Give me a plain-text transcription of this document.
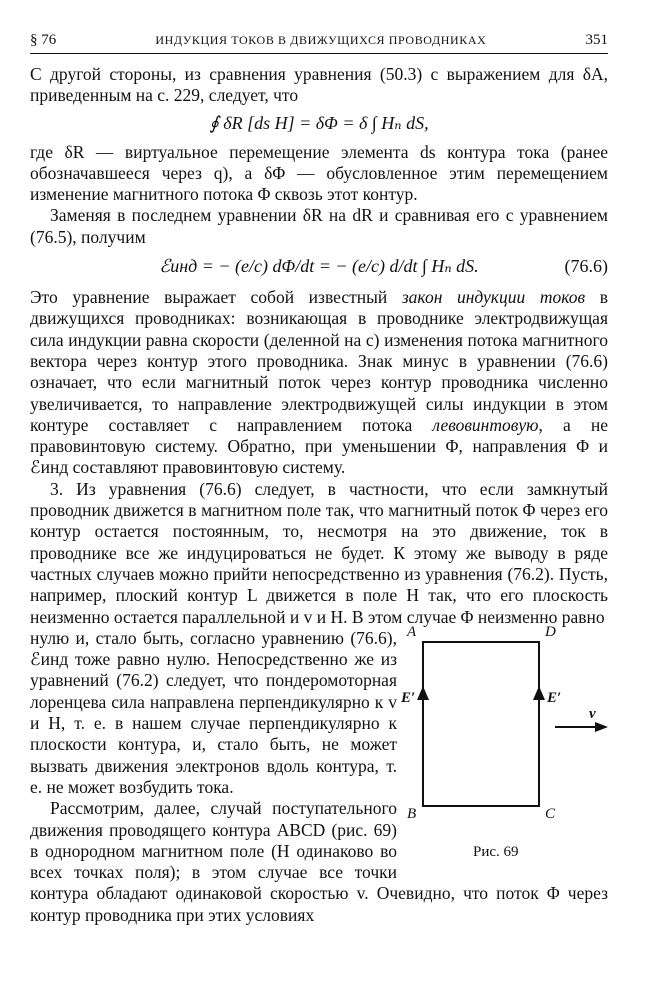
§ 76	ИНДУКЦИЯ ТОКОВ В ДВИЖУЩИХСЯ ПРОВОДНИКАХ	351

С другой стороны, из сравнения уравнения (50.3) с выражением для δA, приведенным на с. 229, следует, что

∮ δR [ds H] = δΦ = δ ∫ Hₙ dS,

где δR — виртуальное перемещение элемента ds контура тока (ранее обозначавшееся через q), а δΦ — обусловленное этим перемещением изменение магнитного потока Φ сквозь этот контур.

Заменяя в последнем уравнении δR на dR и сравнивая его с уравнением (76.5), получим

ℰинд = − (e/c) dΦ/dt = − (e/c) d/dt ∫ Hₙ dS.	(76.6)

Это уравнение выражает собой известный закон индукции токов в движущихся проводниках: возникающая в проводнике электродвижущая сила индукции равна скорости (деленной на c) изменения потока магнитного вектора через контур этого проводника. Знак минус в уравнении (76.6) означает, что если магнитный поток через контур проводника численно увеличивается, то направление электродвижущей силы индукции в этом контуре составляет с направлением потока левовинтовую, а не правовинтовую систему. Обратно, при уменьшении Φ, направления Φ и ℰинд составляют правовинтовую систему.

3. Из уравнения (76.6) следует, в частности, что если замкнутый проводник движется в магнитном поле так, что магнитный поток Φ через его контур остается постоянным, то, несмотря на это движение, ток в проводнике все же индуцироваться не будет. К этому же выводу в ряде частных случаев можно прийти непосредственно из уравнения (76.2). Пусть, например, плоский контур L движется в поле H так, что его плоскость неизменно остается параллельной и v и H. В этом случае Φ неизменно равно

A
B	C
D
E′	E′
v
Рис. 69

нулю и, стало быть, согласно уравнению (76.6), ℰинд тоже равно нулю. Непосредственно же из уравнений (76.2) следует, что пондеромоторная лоренцева сила направлена перпендикулярно к v и H, т. е. в нашем случае перпендикулярно к плоскости контура, и, стало быть, не может вызвать движения электронов вдоль контура, т. е. не может возбудить тока.

Рассмотрим, далее, случай поступательного движения проводящего контура ABCD (рис. 69) в однородном магнитном поле (H одинаково во всех точках поля); в этом случае все точки контура обладают одинаковой скоростью v. Очевидно, что поток Φ через контур проводника при этих условиях
